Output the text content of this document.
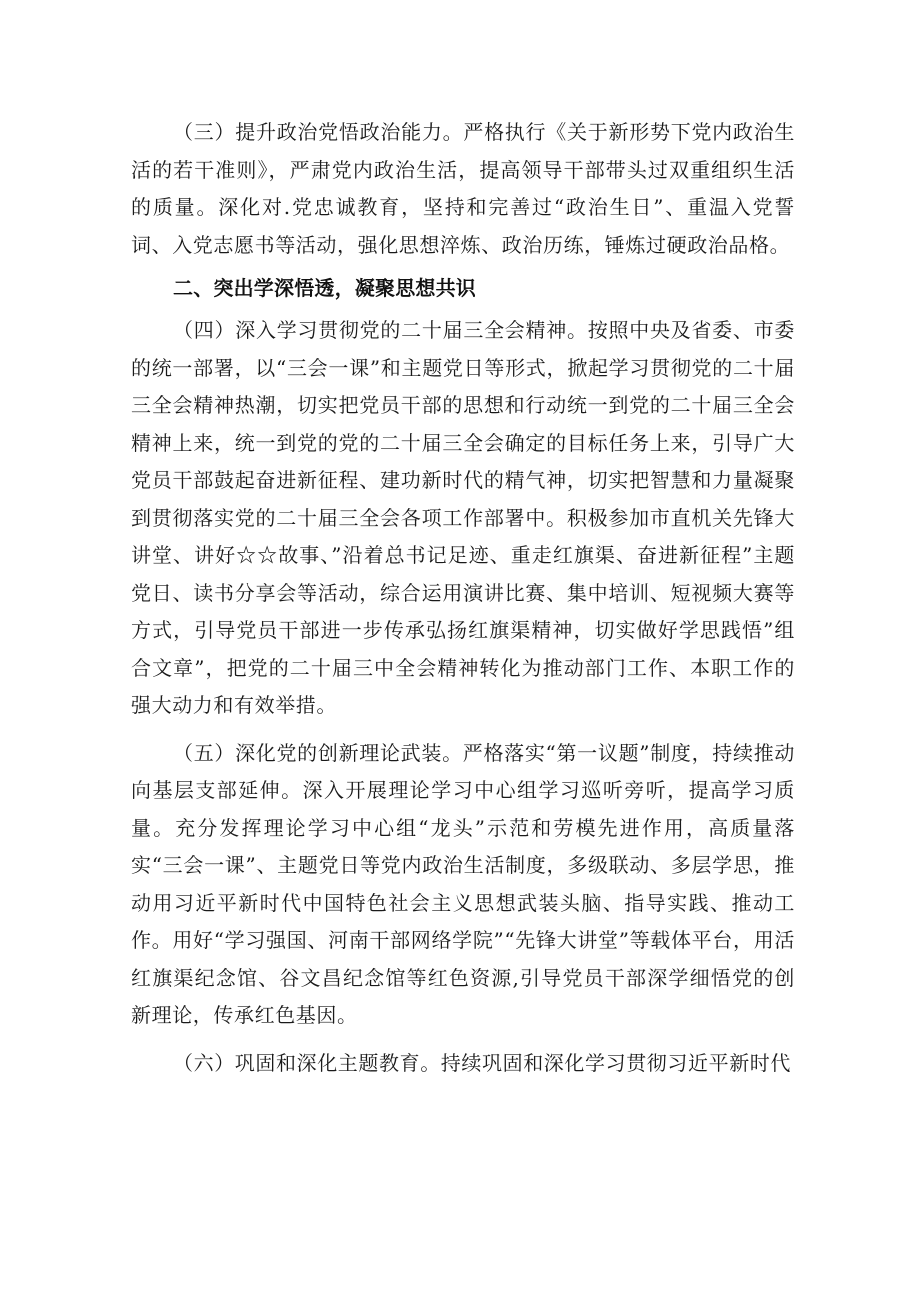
（三）提升政治党悟政治能力。严格执行《关于新形势下党内政治生活的若干准则》，严肃党内政治生活，提高领导干部带头过双重组织生活的质量。深化对.党忠诚教育，坚持和完善过“政治生日”、重温入党誓词、入党志愿书等活动，强化思想淬炼、政治历练，锤炼过硬政治品格。

二、突出学深悟透，凝聚思想共识

（四）深入学习贯彻党的二十届三全会精神。按照中央及省委、市委的统一部署，以“三会一课”和主题党日等形式，掀起学习贯彻党的二十届三全会精神热潮，切实把党员干部的思想和行动统一到党的二十届三全会精神上来，统一到党的党的二十届三全会确定的目标任务上来，引导广大党员干部鼓起奋进新征程、建功新时代的精气神，切实把智慧和力量凝聚到贯彻落实党的二十届三全会各项工作部署中。积极参加市直机关先锋大讲堂、讲好☆☆故事、”沿着总书记足迹、重走红旗渠、奋进新征程”主题党日、读书分享会等活动，综合运用演讲比赛、集中培训、短视频大赛等方式，引导党员干部进一步传承弘扬红旗渠精神，切实做好学思践悟”组合文章”，把党的二十届三中全会精神转化为推动部门工作、本职工作的强大动力和有效举措。

（五）深化党的创新理论武装。严格落实“第一议题”制度，持续推动向基层支部延伸。深入开展理论学习中心组学习巡听旁听，提高学习质量。充分发挥理论学习中心组“龙头”示范和劳模先进作用，高质量落实“三会一课”、主题党日等党内政治生活制度，多级联动、多层学思，推动用习近平新时代中国特色社会主义思想武装头脑、指导实践、推动工作。用好“学习强国、河南干部网络学院”“先锋大讲堂”等载体平台，用活红旗渠纪念馆、谷文昌纪念馆等红色资源,引导党员干部深学细悟党的创新理论，传承红色基因。

（六）巩固和深化主题教育。持续巩固和深化学习贯彻习近平新时代
